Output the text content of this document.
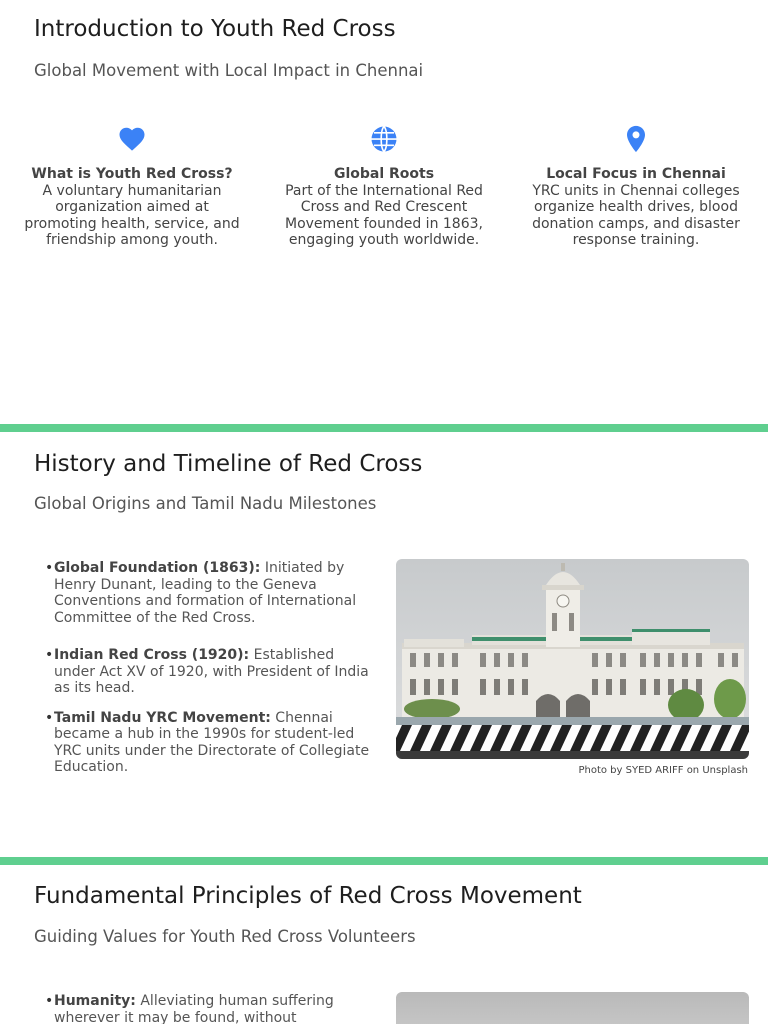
Introduction to Youth Red Cross
Global Movement with Local Impact in Chennai
What is Youth Red Cross?
A voluntary humanitarian organization aimed at promoting health, service, and friendship among youth.
Global Roots
Part of the International Red Cross and Red Crescent Movement founded in 1863, engaging youth worldwide.
Local Focus in Chennai
YRC units in Chennai colleges organize health drives, blood donation camps, and disaster response training.
History and Timeline of Red Cross
Global Origins and Tamil Nadu Milestones
• Global Foundation (1863): Initiated by Henry Dunant, leading to the Geneva Conventions and formation of International Committee of the Red Cross.
• Indian Red Cross (1920): Established under Act XV of 1920, with President of India as its head.
• Tamil Nadu YRC Movement: Chennai became a hub in the 1990s for student-led YRC units under the Directorate of Collegiate Education.	Photo by SYED ARIFF on Unsplash
Fundamental Principles of Red Cross Movement
Guiding Values for Youth Red Cross Volunteers
• Humanity: Alleviating human suffering wherever it may be found, without
